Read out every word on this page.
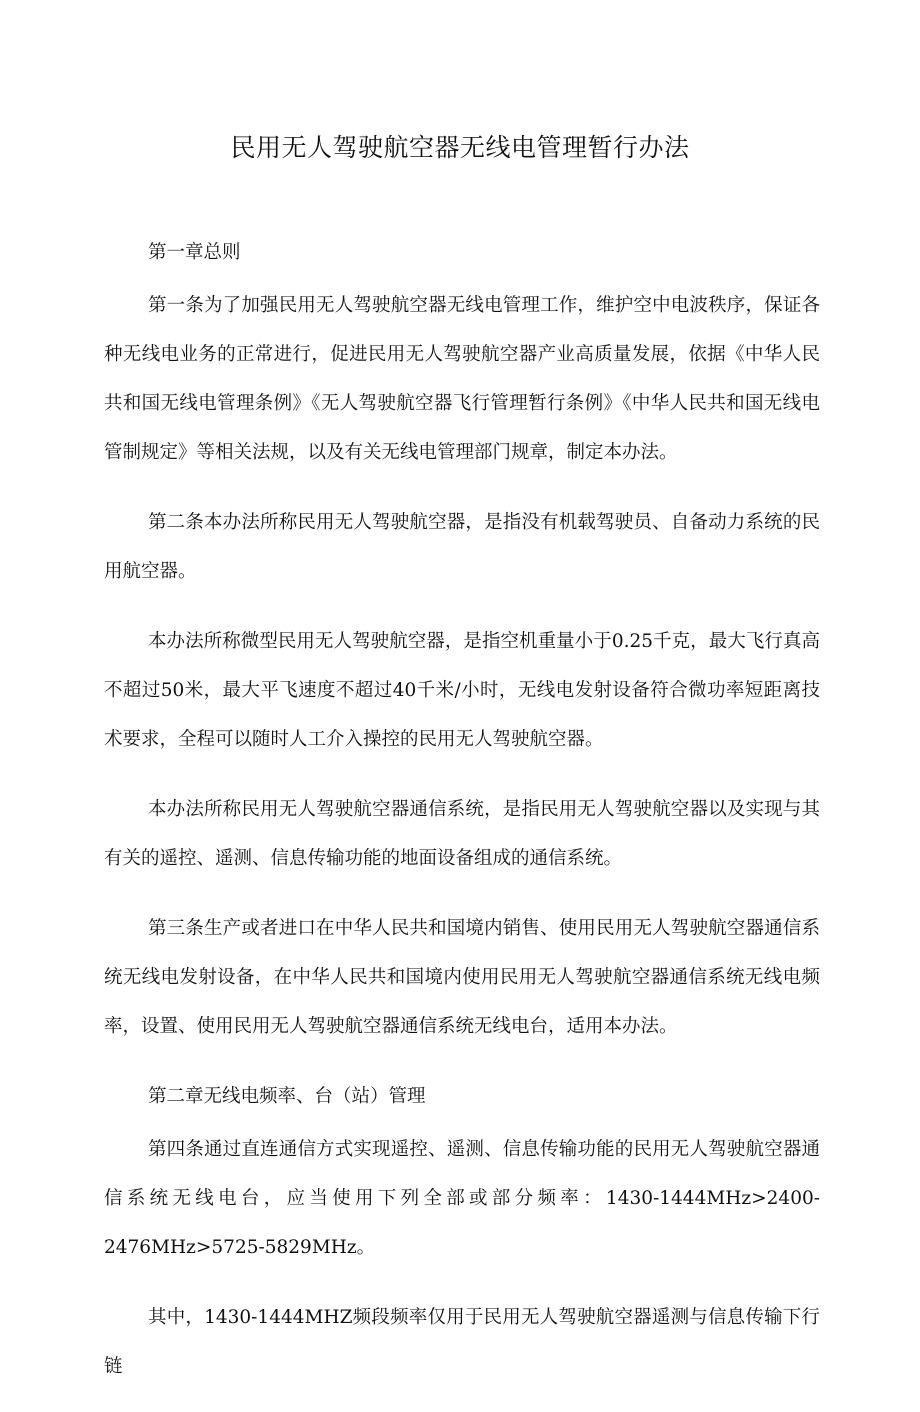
民用无人驾驶航空器无线电管理暂行办法

第一章总则

第一条为了加强民用无人驾驶航空器无线电管理工作，维护空中电波秩序，保证各种无线电业务的正常进行，促进民用无人驾驶航空器产业高质量发展，依据《中华人民共和国无线电管理条例》《无人驾驶航空器飞行管理暂行条例》《中华人民共和国无线电管制规定》等相关法规，以及有关无线电管理部门规章，制定本办法。

第二条本办法所称民用无人驾驶航空器，是指没有机载驾驶员、自备动力系统的民用航空器。

本办法所称微型民用无人驾驶航空器，是指空机重量小于0.25千克，最大飞行真高不超过50米，最大平飞速度不超过40千米/小时，无线电发射设备符合微功率短距离技术要求，全程可以随时人工介入操控的民用无人驾驶航空器。

本办法所称民用无人驾驶航空器通信系统，是指民用无人驾驶航空器以及实现与其有关的遥控、遥测、信息传输功能的地面设备组成的通信系统。

第三条生产或者进口在中华人民共和国境内销售、使用民用无人驾驶航空器通信系统无线电发射设备，在中华人民共和国境内使用民用无人驾驶航空器通信系统无线电频率，设置、使用民用无人驾驶航空器通信系统无线电台，适用本办法。

第二章无线电频率、台（站）管理

第四条通过直连通信方式实现遥控、遥测、信息传输功能的民用无人驾驶航空器通信系统无线电台，应当使用下列全部或部分频率：1430-1444MHz>2400-2476MHz>5725-5829MHz。

其中，1430-1444MHZ频段频率仅用于民用无人驾驶航空器遥测与信息传输下行链
